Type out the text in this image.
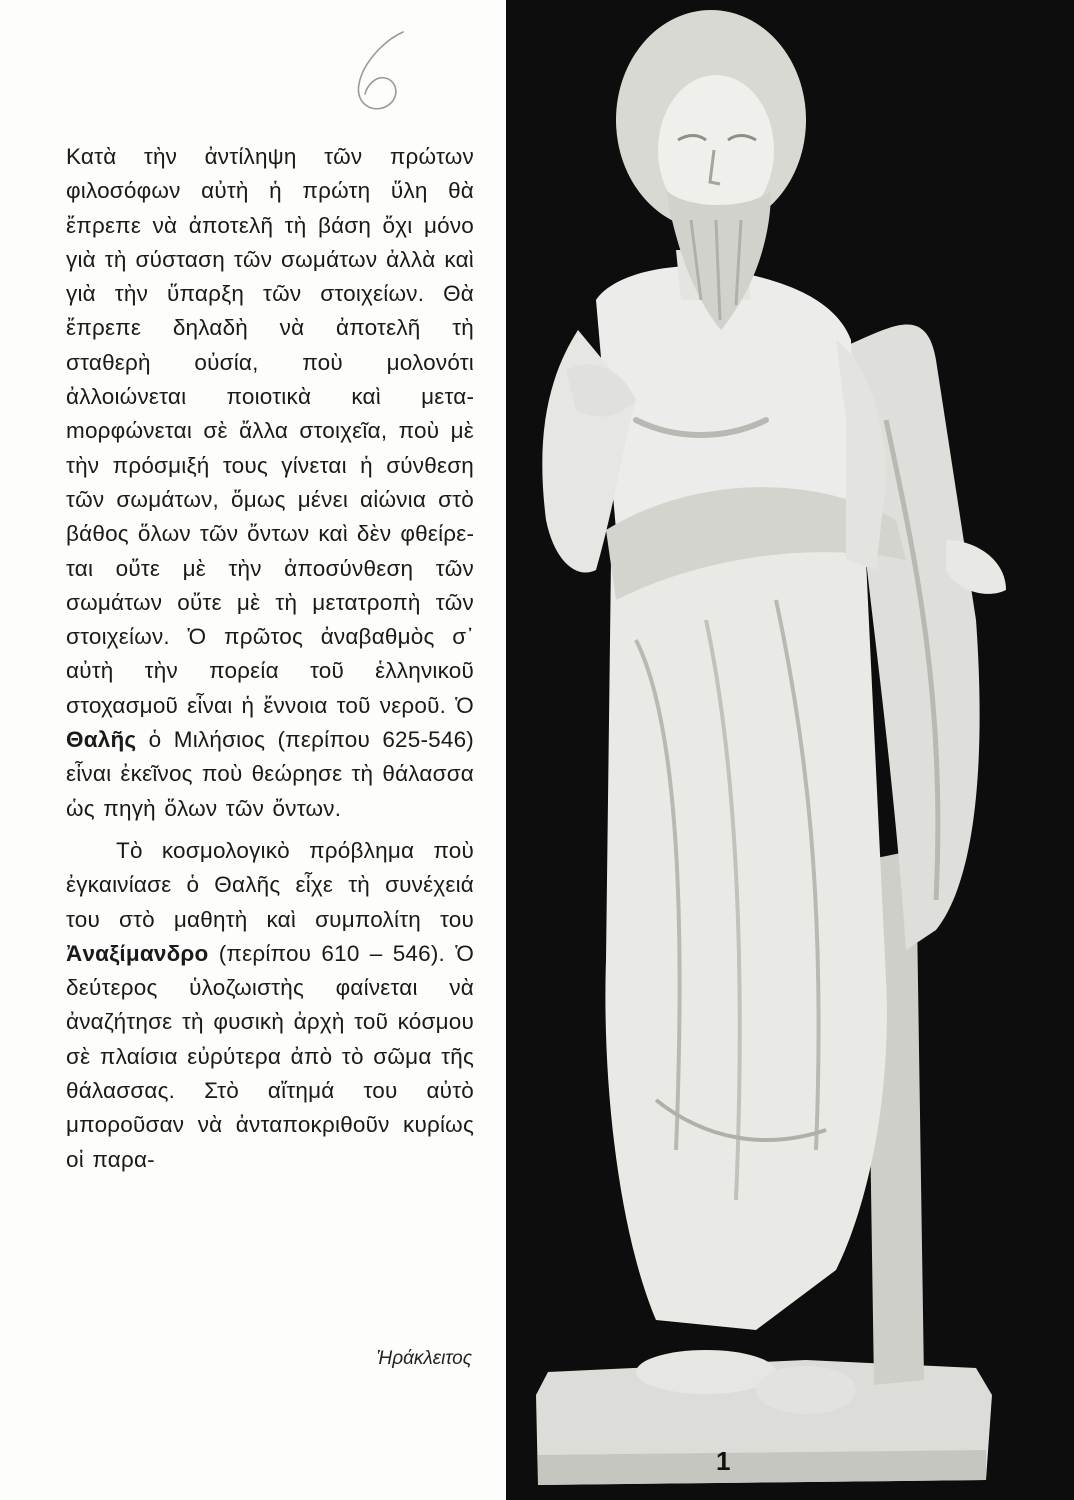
Κατὰ τὴν ἀντίληψη τῶν πρώτων φιλοσόφων αὐτὴ ἡ πρώτη ὕλη θὰ ἔπρεπε νὰ ἀποτελῆ τὴ βάση ὄχι μόνο γιὰ τὴ σύσταση τῶν σωμάτων ἀλλὰ καὶ γιὰ τὴν ὕπαρξη τῶν στοιχείων. Θὰ ἔπρεπε δηλαδὴ νὰ ἀποτελῆ τὴ σταθερὴ οὐσία, ποὺ μολονότι ἀλλοιώνεται ποιοτικὰ καὶ μεταmορφώνεται σὲ ἄλλα στοιχεῖα, ποὺ μὲ τὴν πρόσμιξή τους γίνεται ἡ σύνθεση τῶν σωμάτων, ὅμως μένει αἰώνια στὸ βάθος ὅλων τῶν ὄντων καὶ δὲν φθείρεται οὔτε μὲ τὴν ἀποσύνθεση τῶν σωμάτων οὔτε μὲ τὴ μετατροπὴ τῶν στοιχείων. Ὁ πρῶτος ἀναβαθμὸς σ᾽ αὐτὴ τὴν πορεία τοῦ ἑλληνικοῦ στοχασμοῦ εἶναι ἡ ἔννοια τοῦ νεροῦ. Ὁ Θαλῆς ὁ Μιλήσιος (περίπου 625-546) εἶναι ἐκεῖνος ποὺ θεώρησε τὴ θάλασσα ὡς πηγὴ ὅλων τῶν ὄντων.

Τὸ κοσμολογικὸ πρόβλημα ποὺ ἐγκαινίασε ὁ Θαλῆς εἶχε τὴ συνέχειά του στὸ μαθητὴ καὶ συμπολίτη του Ἀναξίμανδρο (περίπου 610 – 546). Ὁ δεύτερος ὑλοζωιστὴς φαίνεται νὰ ἀναζήτησε τὴ φυσικὴ ἀρχὴ τοῦ κόσμου σὲ πλαίσια εὐρύτερα ἀπὸ τὸ σῶμα τῆς θάλασσας. Στὸ αἴτημά του αὐτὸ μποροῦσαν νὰ ἀνταποκριθοῦν κυρίως οἱ παρα-

Ἡράκλειτος
1
